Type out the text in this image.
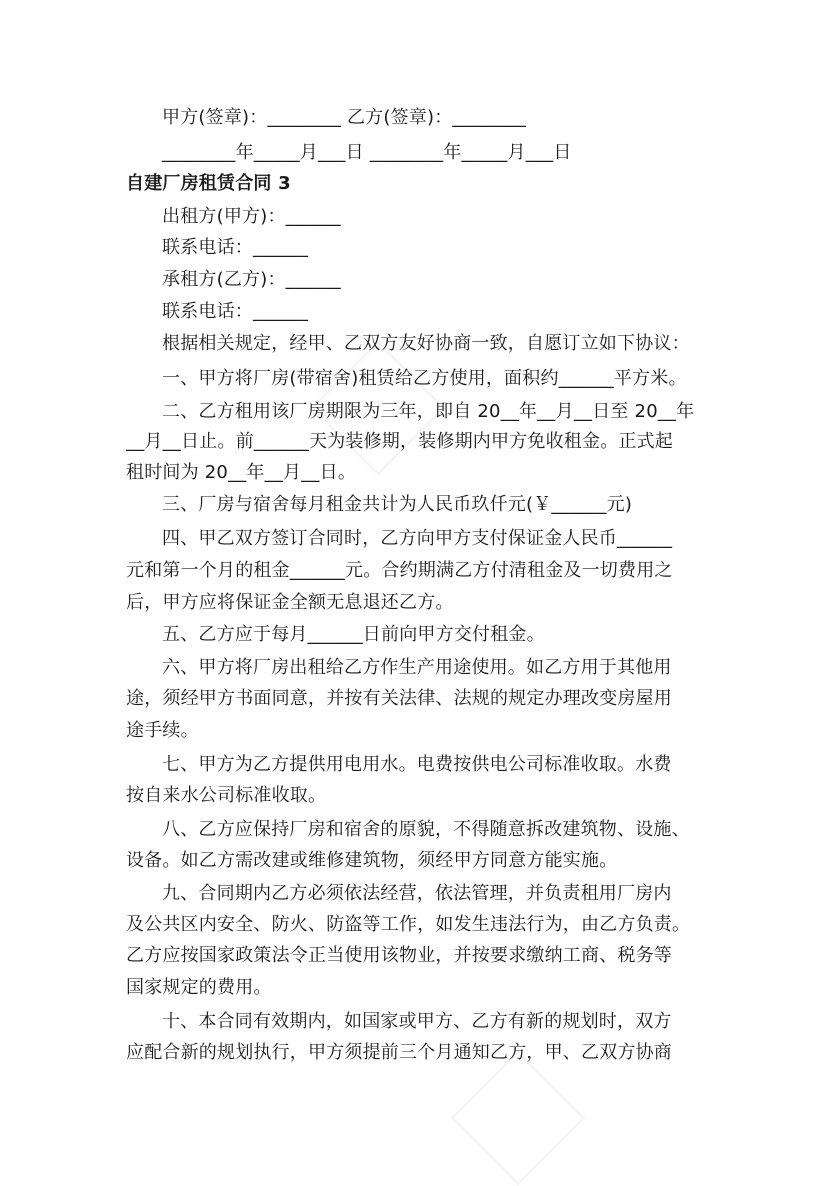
甲方(签章)：________ 乙方(签章)：________
________年_____月___日 ________年_____月___日
自建厂房租赁合同 3
出租方(甲方)：______
联系电话：______
承租方(乙方)：______
联系电话：______
根据相关规定，经甲、乙双方友好协商一致，自愿订立如下协议：
一、甲方将厂房(带宿舍)租赁给乙方使用，面积约______平方米。
二、乙方租用该厂房期限为三年，即自 20__年__月__日至 20__年
__月__日止。前______天为装修期，装修期内甲方免收租金。正式起
租时间为 20__年__月__日。
三、厂房与宿舍每月租金共计为人民币玖仟元(￥______元)
四、甲乙双方签订合同时，乙方向甲方支付保证金人民币______
元和第一个月的租金______元。合约期满乙方付清租金及一切费用之
后，甲方应将保证金全额无息退还乙方。
五、乙方应于每月______日前向甲方交付租金。
六、甲方将厂房出租给乙方作生产用途使用。如乙方用于其他用
途，须经甲方书面同意，并按有关法律、法规的规定办理改变房屋用
途手续。
七、甲方为乙方提供用电用水。电费按供电公司标准收取。水费
按自来水公司标准收取。
八、乙方应保持厂房和宿舍的原貌，不得随意拆改建筑物、设施、
设备。如乙方需改建或维修建筑物，须经甲方同意方能实施。
九、合同期内乙方必须依法经营，依法管理，并负责租用厂房内
及公共区内安全、防火、防盗等工作，如发生违法行为，由乙方负责。
乙方应按国家政策法令正当使用该物业，并按要求缴纳工商、税务等
国家规定的费用。
十、本合同有效期内，如国家或甲方、乙方有新的规划时，双方
应配合新的规划执行，甲方须提前三个月通知乙方，甲、乙双方协商
